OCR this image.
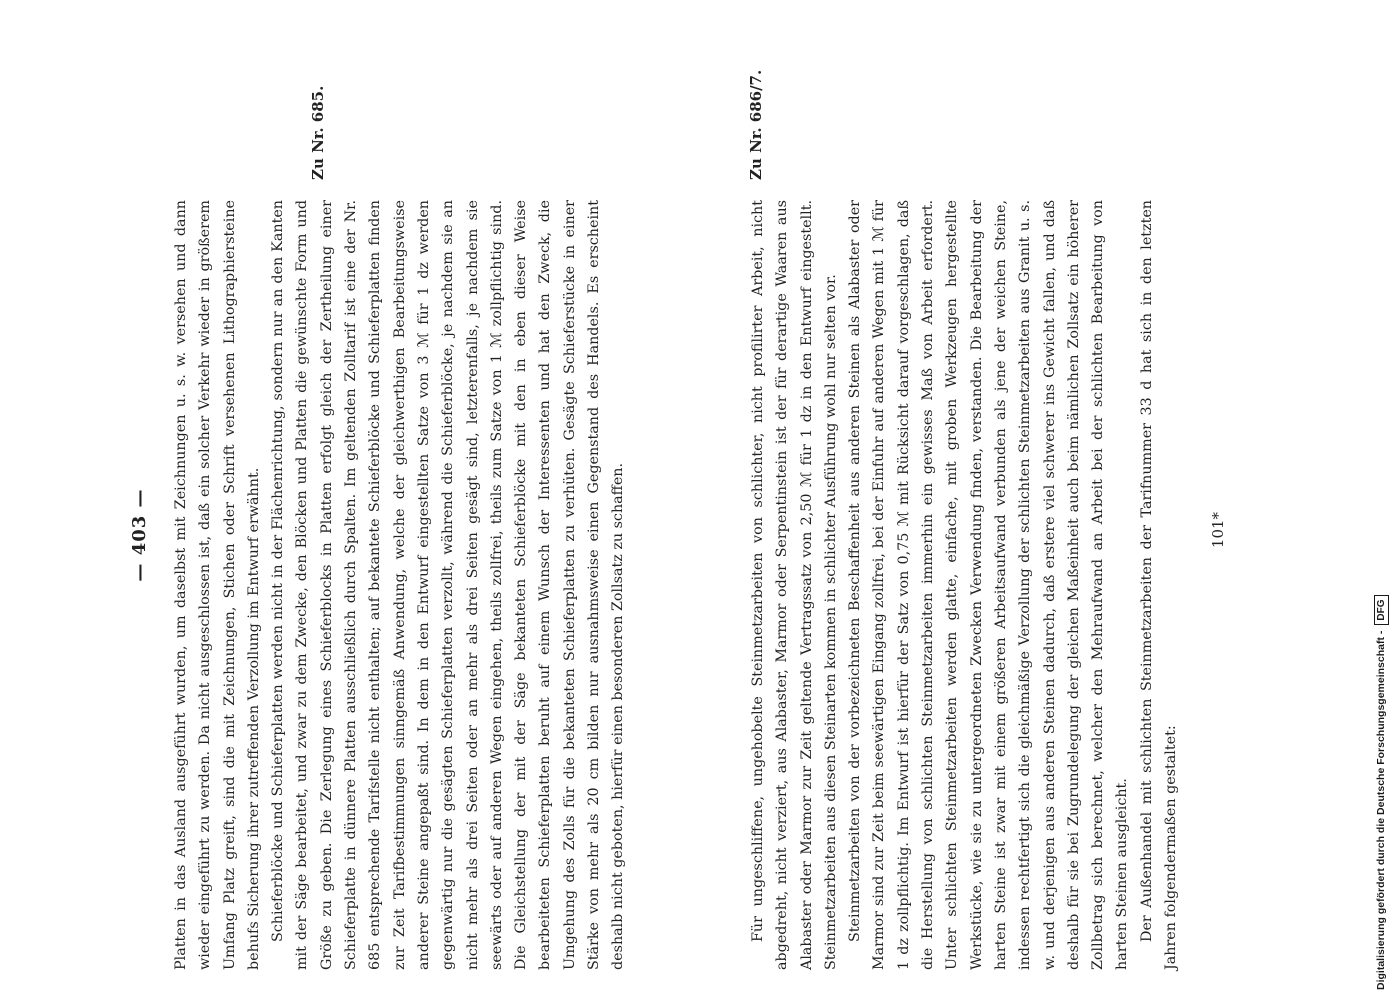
— 403 — Platten in das Ausland ausgeführt wurden, um daselbst mit Zeichnungen u. s. w. versehen und dann wieder eingeführt zu werden. Da nicht ausgeschlossen ist, daß ein solcher Verkehr wieder in größerem Umfang Platz greift, sind die mit Zeichnungen, Stichen oder Schrift versehenen Lithographiersteine behufs Sicherung ihrer zutreffenden Verzollung im Entwurf erwähnt. Schieferblöcke und Schieferplatten werden nicht in der Flächenrichtung, sondern nur an den Kanten mit der Säge bearbeitet, und zwar zu dem Zwecke, den Blöcken und Platten die gewünschte Form und Größe zu geben. Die Zerlegung eines Schieferblocks in Platten erfolgt gleich der Zertheilung einer Schieferplatte in dünnere Platten ausschließlich durch Spalten. Im geltenden Zolltarif ist eine der Nr. 685 entsprechende Tarifstelle nicht enthalten; auf bekantete Schieferblöcke und Schieferplatten finden zur Zeit Tarifbestimmungen sinngemäß Anwendung, welche der gleichwerthigen Bearbeitungsweise anderer Steine angepaßt sind. In dem in den Entwurf eingestellten Satze von 3 ℳ für 1 dz werden gegenwärtig nur die gesägten Schieferplatten verzollt, während die Schieferblöcke, je nachdem sie an nicht mehr als drei Seiten oder an mehr als drei Seiten gesägt sind, letzterenfalls, je nachdem sie seewärts oder auf anderen Wegen eingehen, theils zollfrei, theils zum Satze von 1 ℳ zollpflichtig sind. Die Gleichstellung der mit der Säge bekanteten Schieferblöcke mit den in eben dieser Weise bearbeiteten Schieferplatten beruht auf einem Wunsch der Interessenten und hat den Zweck, die Umgehung des Zolls für die bekanteten Schieferplatten zu verhüten. Gesägte Schieferstücke in einer Stärke von mehr als 20 cm bilden nur ausnahmsweise einen Gegenstand des Handels. Es erscheint deshalb nicht geboten, hierfür einen besonderen Zollsatz zu schaffen.

Zu Nr. 685.

Für ungeschliffene, ungehobelte Steinmetzarbeiten von schlichter, nicht profilirter Arbeit, nicht abgedreht, nicht verziert, aus Alabaster, Marmor oder Serpentinstein ist der für derartige Waaren aus Alabaster oder Marmor zur Zeit geltende Vertragssatz von 2,50 ℳ für 1 dz in den Entwurf eingestellt. Steinmetzarbeiten aus diesen Steinarten kommen in schlichter Ausführung wohl nur selten vor. Steinmetzarbeiten von der vorbezeichneten Beschaffenheit aus anderen Steinen als Alabaster oder Marmor sind zur Zeit beim seewärtigen Eingang zollfrei, bei der Einfuhr auf anderen Wegen mit 1 ℳ für 1 dz zollpflichtig. Im Entwurf ist hierfür der Satz von 0,75 ℳ mit Rücksicht darauf vorgeschlagen, daß die Herstellung von schlichten Steinmetzarbeiten immerhin ein gewisses Maß von Arbeit erfordert. Unter schlichten Steinmetzarbeiten werden glatte, einfache, mit groben Werkzeugen hergestellte Werkstücke, wie sie zu untergeordneten Zwecken Verwendung finden, verstanden. Die Bearbeitung der harten Steine ist zwar mit einem größeren Arbeitsaufwand verbunden als jene der weichen Steine, indessen rechtfertigt sich die gleichmäßige Verzollung der schlichten Steinmetzarbeiten aus Granit u. s. w. und derjenigen aus anderen Steinen dadurch, daß erstere viel schwerer ins Gewicht fallen, und daß deshalb für sie bei Zugrundelegung der gleichen Maßeinheit auch beim nämlichen Zollsatz ein höherer Zollbetrag sich berechnet, welcher den Mehraufwand an Arbeit bei der schlichten Bearbeitung von harten Steinen ausgleicht. Der Außenhandel mit schlichten Steinmetzarbeiten der Tarifnummer 33 d hat sich in den letzten Jahren folgendermaßen gestaltet:

Zu Nr. 686/7.
101*
Digitalisierung gefördert durch die Deutsche Forschungsgemeinschaft -
DFG
